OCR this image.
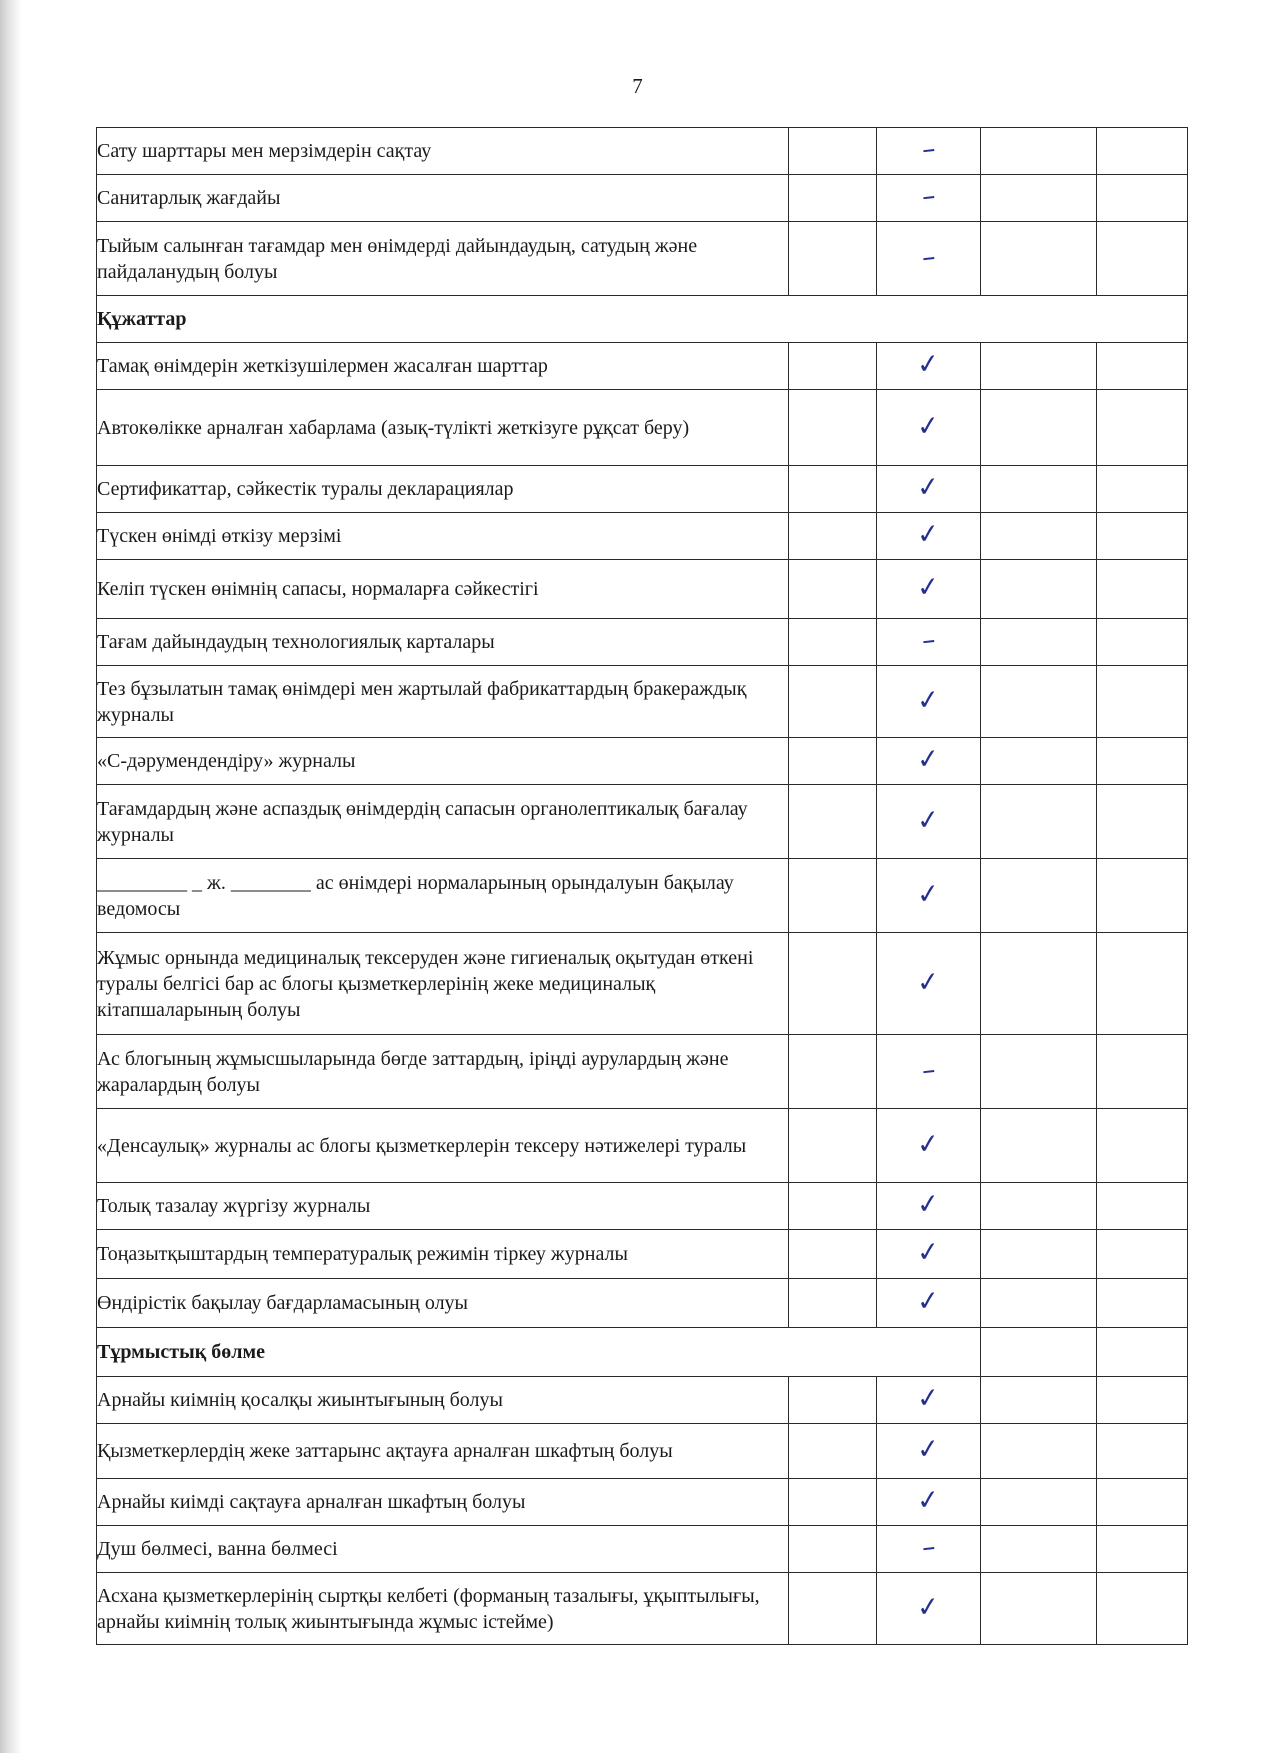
7
Сату шарттары мен мерзімдерін сақтау		–		
Санитарлық жағдайы		–		
Тыйым салынған тағамдар мен өнімдерді дайындаудың, сатудың және пайдаланудың болуы		–		
Құжаттар				
Тамақ өнімдерін жеткізушілермен жасалған шарттар		✓		
Автокөлікке арналған хабарлама (азық-түлікті жеткізуге рұқсат беру)		✓		
Сертификаттар, сәйкестік туралы декларациялар		✓		
Түскен өнімді өткізу мерзімі		✓		
Келіп түскен өнімнің сапасы, нормаларға сәйкестігі		✓		
Тағам дайындаудың технологиялық карталары		–		
Тез бұзылатын тамақ өнімдері мен жартылай фабрикаттардың бракераждық журналы		✓		
«С-дәрумендендіру» журналы		✓		
Тағамдардың және аспаздық өнімдердің сапасын органолептикалық бағалау журналы		✓		
_________ _ ж. ________ ас өнімдері нормаларының орындалуын бақылау ведомосы		✓		
Жұмыс орнында медициналық тексеруден және гигиеналық оқытудан өткені туралы белгісі бар ас блогы қызметкерлерінің жеке медициналық кітапшаларының болуы		✓		
Ас блогының жұмысшыларында бөгде заттардың, іріңді аурулардың және жаралардың болуы		–		
«Денсаулық» журналы ас блогы қызметкерлерін тексеру нәтижелері туралы		✓		
Толық тазалау жүргізу журналы		✓		
Тоңазытқыштардың температуралық режимін тіркеу журналы		✓		
Өндірістік бақылау бағдарламасының олуы		✓		
Тұрмыстық бөлме				
Арнайы киімнің қосалқы жиынтығының болуы		✓		
Қызметкерлердің жеке заттарынс ақтауға арналған шкафтың болуы		✓		
Арнайы киімді сақтауға арналған шкафтың болуы		✓		
Душ бөлмесі, ванна бөлмесі		–		
Асхана қызметкерлерінің сыртқы келбеті (форманың тазалығы, ұқыптылығы, арнайы киімнің толық жиынтығында жұмыс істейме)		✓		
